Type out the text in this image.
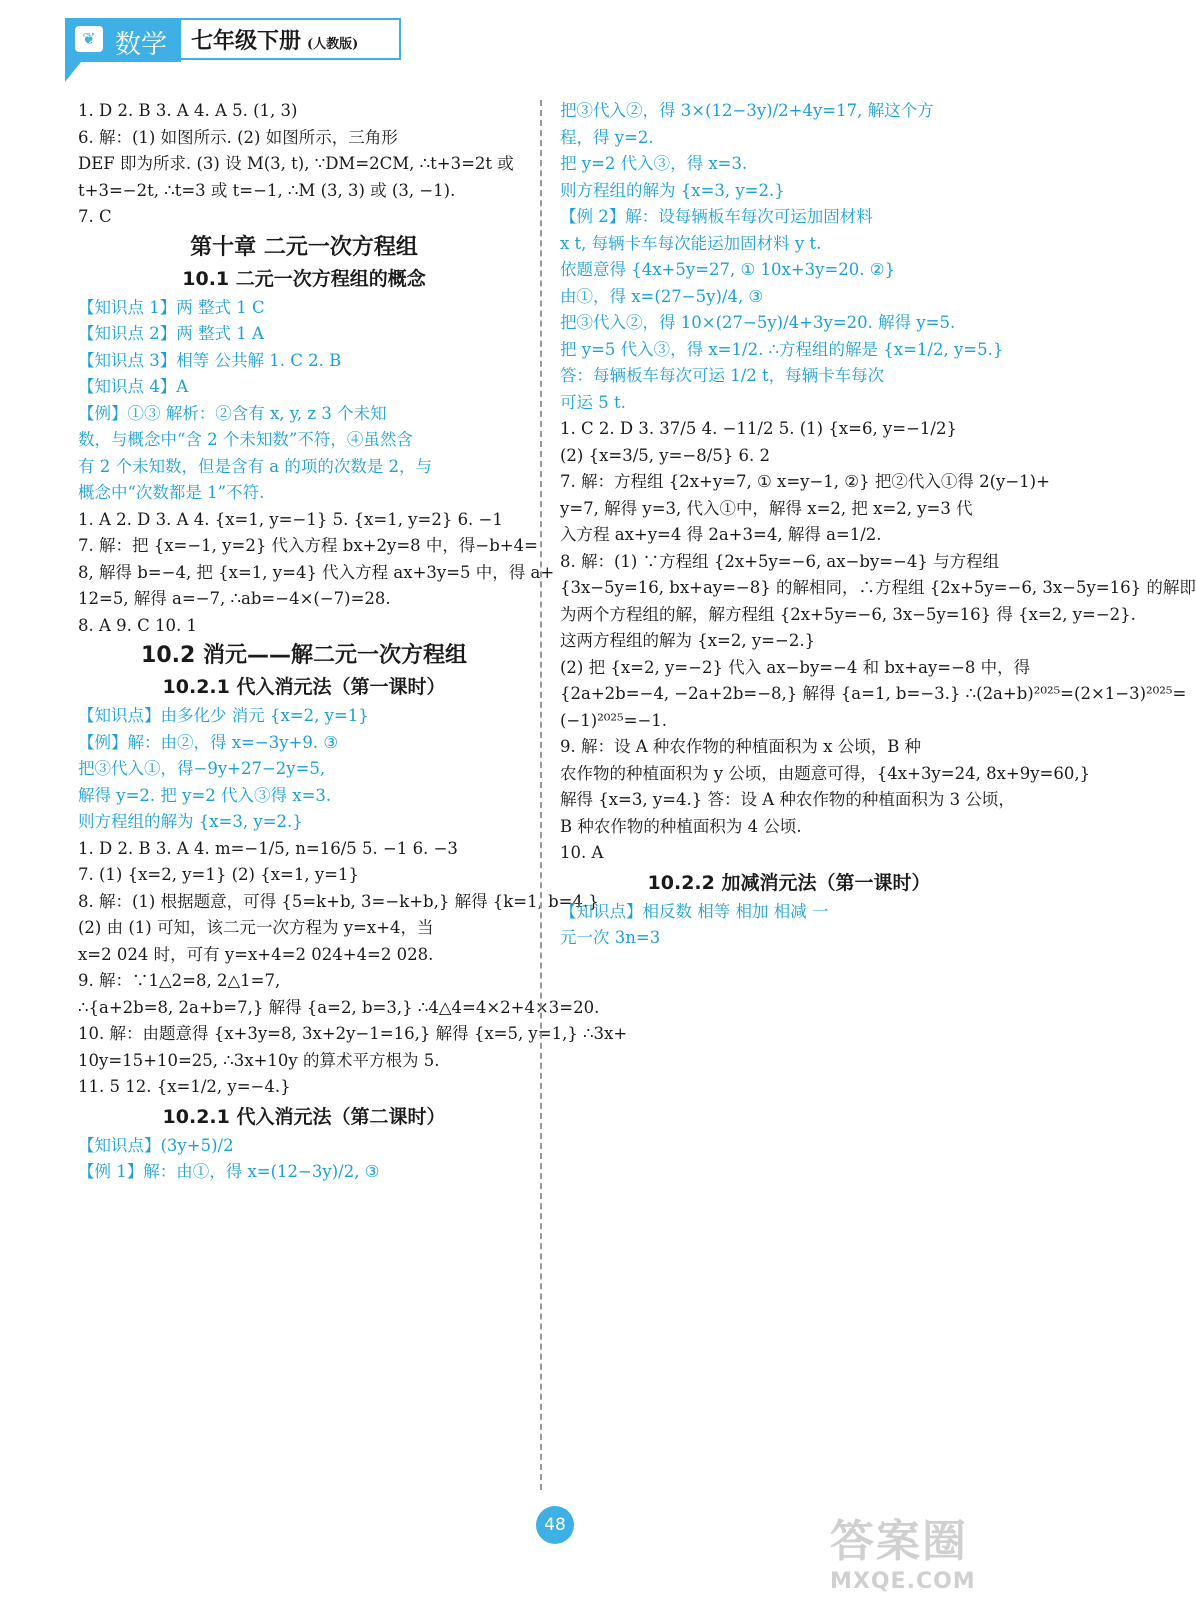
❦ 数学	七年级下册 (人教版)
1. D 2. B 3. A 4. A 5. (1, 3)
6. 解：(1) 如图所示. (2) 如图所示，三角形
DEF 即为所求. (3) 设 M(3, t), ∵DM=2CM, ∴t+3=2t 或
t+3=−2t, ∴t=3 或 t=−1, ∴M (3, 3) 或 (3, −1).
7. C
第十章 二元一次方程组
10.1 二元一次方程组的概念
【知识点 1】两 整式 1 C
【知识点 2】两 整式 1 A
【知识点 3】相等 公共解 1. C 2. B
【知识点 4】A
【例】①③ 解析：②含有 x, y, z 3 个未知
数，与概念中“含 2 个未知数”不符，④虽然含
有 2 个未知数，但是含有 a 的项的次数是 2，与
概念中“次数都是 1”不符.
1. A 2. D 3. A 4. {x=1, y=−1} 5. {x=1, y=2} 6. −1
7. 解：把 {x=−1, y=2} 代入方程 bx+2y=8 中，得−b+4=
8, 解得 b=−4, 把 {x=1, y=4} 代入方程 ax+3y=5 中，得 a+
12=5, 解得 a=−7, ∴ab=−4×(−7)=28.
8. A 9. C 10. 1
10.2 消元——解二元一次方程组
10.2.1 代入消元法（第一课时）
【知识点】由多化少 消元 {x=2, y=1}
【例】解：由②，得 x=−3y+9. ③
把③代入①，得−9y+27−2y=5,
解得 y=2. 把 y=2 代入③得 x=3.
则方程组的解为 {x=3, y=2.}
1. D 2. B 3. A 4. m=−1/5, n=16/5 5. −1 6. −3
7. (1) {x=2, y=1} (2) {x=1, y=1}
8. 解：(1) 根据题意，可得 {5=k+b, 3=−k+b,} 解得 {k=1, b=4.}
(2) 由 (1) 可知，该二元一次方程为 y=x+4，当
x=2 024 时，可有 y=x+4=2 024+4=2 028.
9. 解：∵1△2=8, 2△1=7,
∴{a+2b=8, 2a+b=7,} 解得 {a=2, b=3,} ∴4△4=4×2+4×3=20.
10. 解：由题意得 {x+3y=8, 3x+2y−1=16,} 解得 {x=5, y=1,} ∴3x+
10y=15+10=25, ∴3x+10y 的算术平方根为 5.
11. 5 12. {x=1/2, y=−4.}
10.2.1 代入消元法（第二课时）
【知识点】(3y+5)/2
【例 1】解：由①，得 x=(12−3y)/2, ③
把③代入②，得 3×(12−3y)/2+4y=17, 解这个方
程，得 y=2.
把 y=2 代入③，得 x=3.
则方程组的解为 {x=3, y=2.}
【例 2】解：设每辆板车每次可运加固材料
x t, 每辆卡车每次能运加固材料 y t.
依题意得 {4x+5y=27, ① 10x+3y=20. ②}
由①，得 x=(27−5y)/4, ③
把③代入②，得 10×(27−5y)/4+3y=20. 解得 y=5.
把 y=5 代入③，得 x=1/2. ∴方程组的解是 {x=1/2, y=5.}
答：每辆板车每次可运 1/2 t，每辆卡车每次
可运 5 t.
1. C 2. D 3. 37/5 4. −11/2 5. (1) {x=6, y=−1/2}
(2) {x=3/5, y=−8/5} 6. 2
7. 解：方程组 {2x+y=7, ① x=y−1, ②} 把②代入①得 2(y−1)+
y=7, 解得 y=3, 代入①中，解得 x=2, 把 x=2, y=3 代
入方程 ax+y=4 得 2a+3=4, 解得 a=1/2.
8. 解：(1) ∵方程组 {2x+5y=−6, ax−by=−4} 与方程组
{3x−5y=16, bx+ay=−8} 的解相同，∴方程组 {2x+5y=−6, 3x−5y=16} 的解即
为两个方程组的解，解方程组 {2x+5y=−6, 3x−5y=16} 得 {x=2, y=−2}.
这两方程组的解为 {x=2, y=−2.}
(2) 把 {x=2, y=−2} 代入 ax−by=−4 和 bx+ay=−8 中，得
{2a+2b=−4, −2a+2b=−8,} 解得 {a=1, b=−3.} ∴(2a+b)²⁰²⁵=(2×1−3)²⁰²⁵=
(−1)²⁰²⁵=−1.
9. 解：设 A 种农作物的种植面积为 x 公顷，B 种
农作物的种植面积为 y 公顷，由题意可得，{4x+3y=24, 8x+9y=60,}
解得 {x=3, y=4.} 答：设 A 种农作物的种植面积为 3 公顷，
B 种农作物的种植面积为 4 公顷.
10. A
10.2.2 加减消元法（第一课时）
【知识点】相反数 相等 相加 相减 一
元一次 3n=3
48	答案圈
MXQE.COM
